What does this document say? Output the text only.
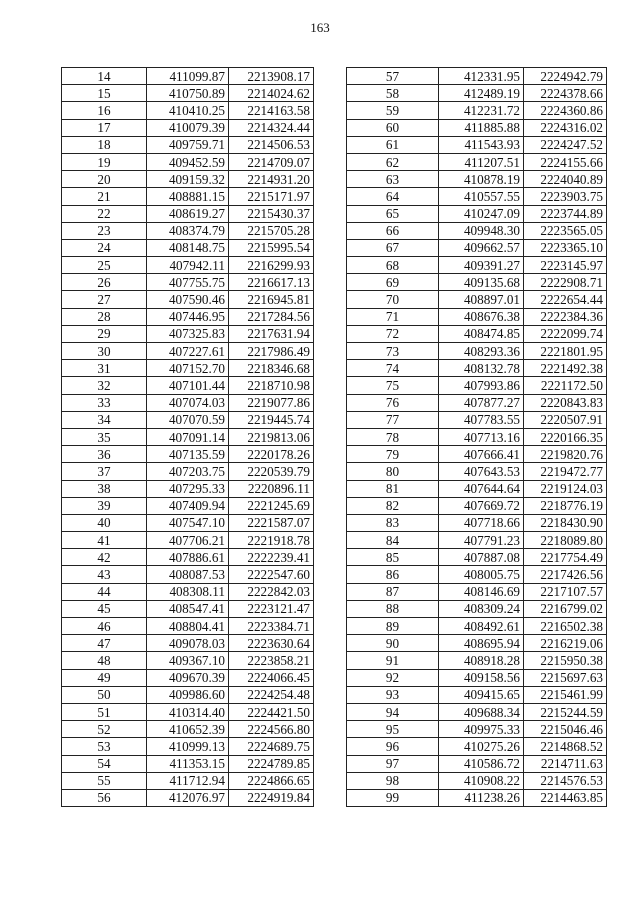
163
14	411099.87	2213908.17
15	410750.89	2214024.62
16	410410.25	2214163.58
17	410079.39	2214324.44
18	409759.71	2214506.53
19	409452.59	2214709.07
20	409159.32	2214931.20
21	408881.15	2215171.97
22	408619.27	2215430.37
23	408374.79	2215705.28
24	408148.75	2215995.54
25	407942.11	2216299.93
26	407755.75	2216617.13
27	407590.46	2216945.81
28	407446.95	2217284.56
29	407325.83	2217631.94
30	407227.61	2217986.49
31	407152.70	2218346.68
32	407101.44	2218710.98
33	407074.03	2219077.86
34	407070.59	2219445.74
35	407091.14	2219813.06
36	407135.59	2220178.26
37	407203.75	2220539.79
38	407295.33	2220896.11
39	407409.94	2221245.69
40	407547.10	2221587.07
41	407706.21	2221918.78
42	407886.61	2222239.41
43	408087.53	2222547.60
44	408308.11	2222842.03
45	408547.41	2223121.47
46	408804.41	2223384.71
47	409078.03	2223630.64
48	409367.10	2223858.21
49	409670.39	2224066.45
50	409986.60	2224254.48
51	410314.40	2224421.50
52	410652.39	2224566.80
53	410999.13	2224689.75
54	411353.15	2224789.85
55	411712.94	2224866.65
56	412076.97	2224919.84
57	412331.95	2224942.79
58	412489.19	2224378.66
59	412231.72	2224360.86
60	411885.88	2224316.02
61	411543.93	2224247.52
62	411207.51	2224155.66
63	410878.19	2224040.89
64	410557.55	2223903.75
65	410247.09	2223744.89
66	409948.30	2223565.05
67	409662.57	2223365.10
68	409391.27	2223145.97
69	409135.68	2222908.71
70	408897.01	2222654.44
71	408676.38	2222384.36
72	408474.85	2222099.74
73	408293.36	2221801.95
74	408132.78	2221492.38
75	407993.86	2221172.50
76	407877.27	2220843.83
77	407783.55	2220507.91
78	407713.16	2220166.35
79	407666.41	2219820.76
80	407643.53	2219472.77
81	407644.64	2219124.03
82	407669.72	2218776.19
83	407718.66	2218430.90
84	407791.23	2218089.80
85	407887.08	2217754.49
86	408005.75	2217426.56
87	408146.69	2217107.57
88	408309.24	2216799.02
89	408492.61	2216502.38
90	408695.94	2216219.06
91	408918.28	2215950.38
92	409158.56	2215697.63
93	409415.65	2215461.99
94	409688.34	2215244.59
95	409975.33	2215046.46
96	410275.26	2214868.52
97	410586.72	2214711.63
98	410908.22	2214576.53
99	411238.26	2214463.85
